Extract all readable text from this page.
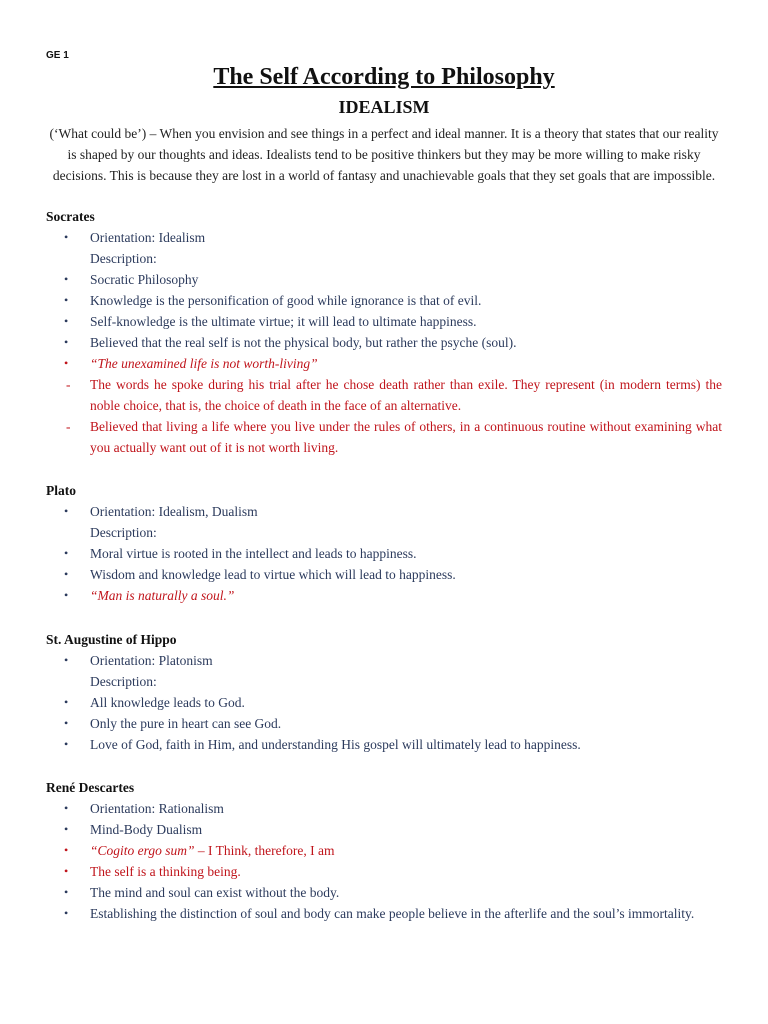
GE 1
The Self According to Philosophy
IDEALISM
(‘What could be’) – When you envision and see things in a perfect and ideal manner. It is a theory that states that our reality is shaped by our thoughts and ideas. Idealists tend to be positive thinkers but they may be more willing to make risky decisions. This is because they are lost in a world of fantasy and unachievable goals that they set goals that are impossible.
Socrates
•	Orientation: Idealism
Description:
•	Socratic Philosophy
•	Knowledge is the personification of good while ignorance is that of evil.
•	Self-knowledge is the ultimate virtue; it will lead to ultimate happiness.
•	Believed that the real self is not the physical body, but rather the psyche (soul).
•	“The unexamined life is not worth-living”
-	The words he spoke during his trial after he chose death rather than exile. They represent (in modern terms) the noble choice, that is, the choice of death in the face of an alternative.
-	Believed that living a life where you live under the rules of others, in a continuous routine without examining what you actually want out of it is not worth living.
Plato
•	Orientation: Idealism, Dualism
Description:
•	Moral virtue is rooted in the intellect and leads to happiness.
•	Wisdom and knowledge lead to virtue which will lead to happiness.
•	“Man is naturally a soul.”
St. Augustine of Hippo
•	Orientation: Platonism
Description:
•	All knowledge leads to God.
•	Only the pure in heart can see God.
•	Love of God, faith in Him, and understanding His gospel will ultimately lead to happiness.
René Descartes
•	Orientation: Rationalism
•	Mind-Body Dualism
•	“Cogito ergo sum” – I Think, therefore, I am
•	The self is a thinking being.
•	The mind and soul can exist without the body.
•	Establishing the distinction of soul and body can make people believe in the afterlife and the soul’s immortality.
